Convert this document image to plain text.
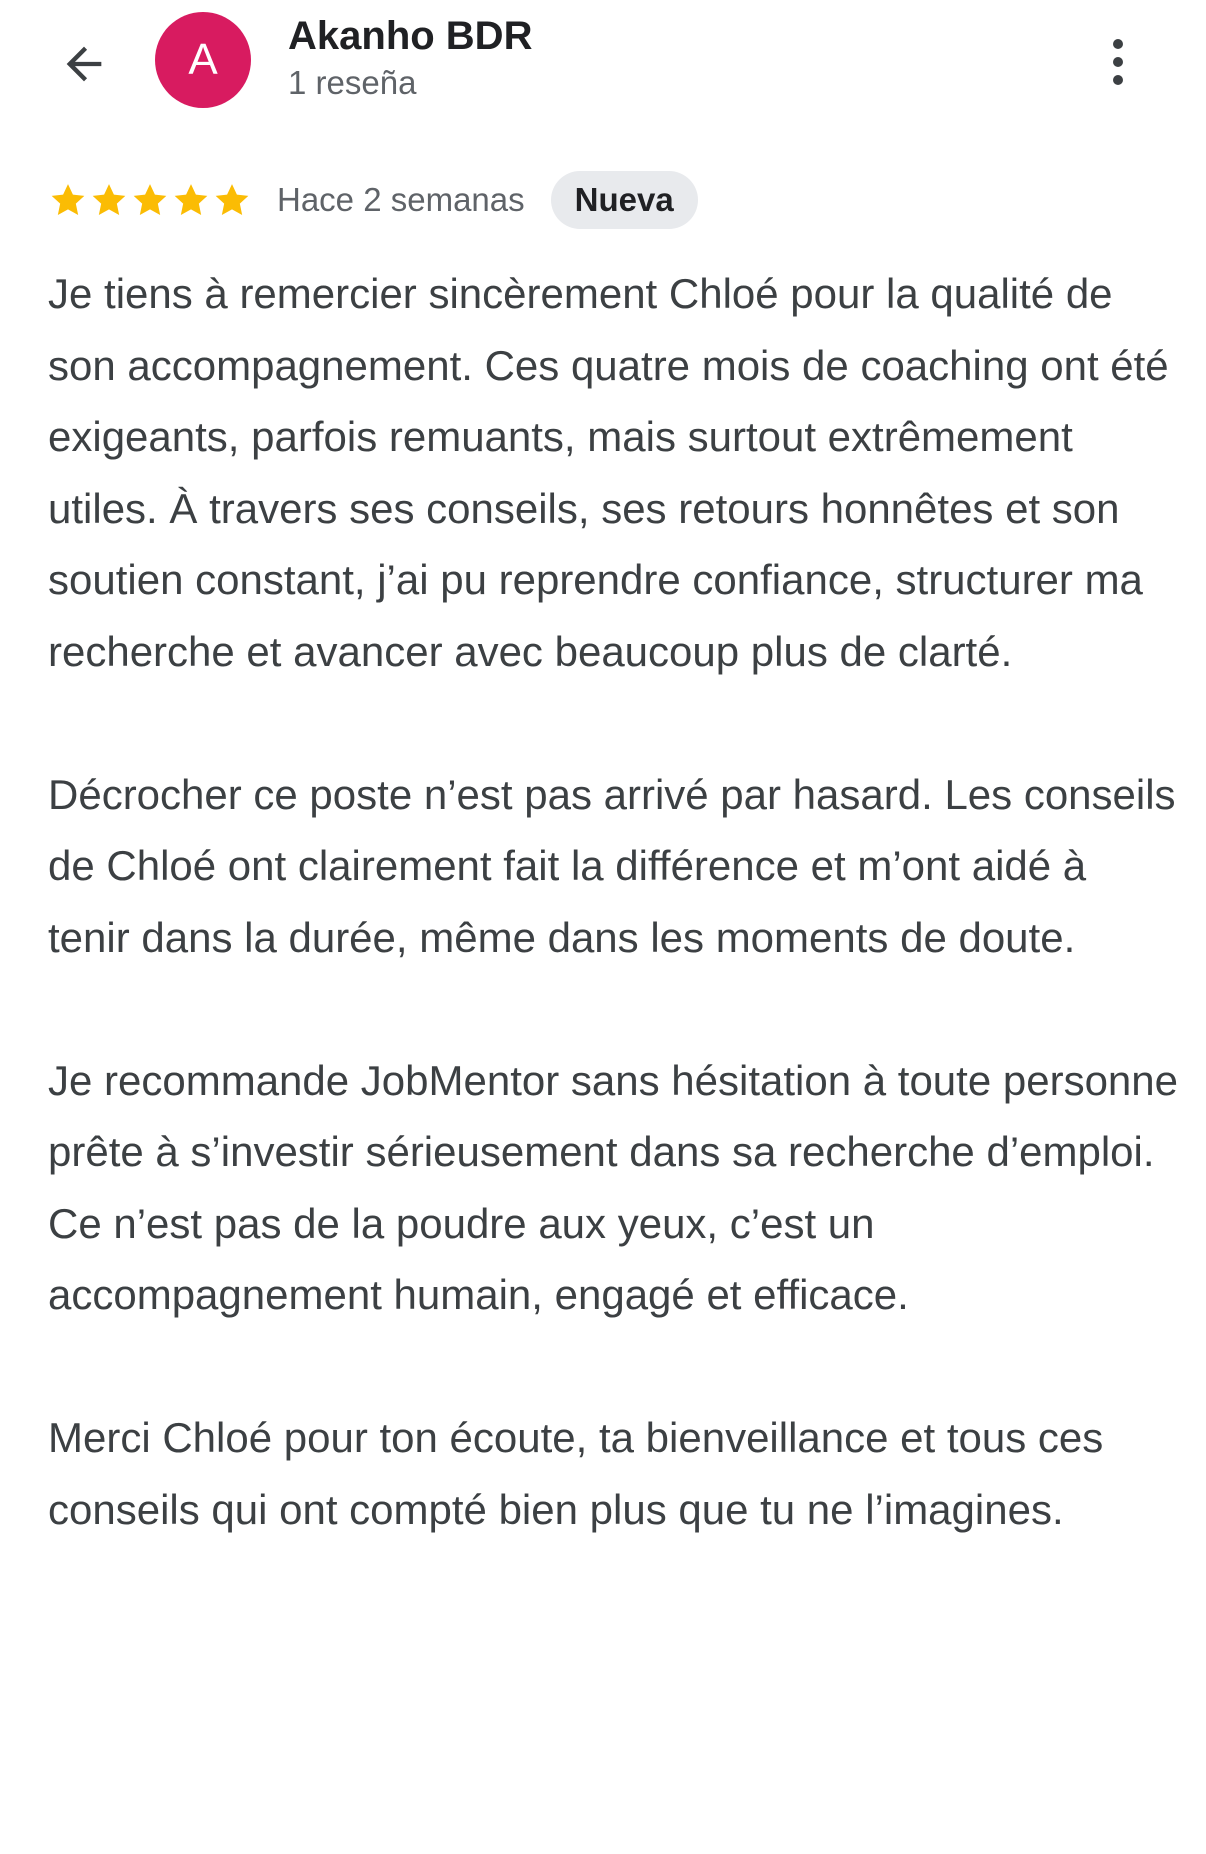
A Akanho BDR
1 reseña
Hace 2 semanas	Nueva

Je tiens à remercier sincèrement Chloé pour la qualité de son accompagnement. Ces quatre mois de coaching ont été exigeants, parfois remuants, mais surtout extrêmement utiles. À travers ses conseils, ses retours honnêtes et son soutien constant, j’ai pu reprendre confiance, structurer ma recherche et avancer avec beaucoup plus de clarté.

Décrocher ce poste n’est pas arrivé par hasard. Les conseils de Chloé ont clairement fait la différence et m’ont aidé à tenir dans la durée, même dans les moments de doute.

Je recommande JobMentor sans hésitation à toute personne prête à s’investir sérieusement dans sa recherche d’emploi. Ce n’est pas de la poudre aux yeux, c’est un accompagnement humain, engagé et efficace.

Merci Chloé pour ton écoute, ta bienveillance et tous ces conseils qui ont compté bien plus que tu ne l’imagines.
